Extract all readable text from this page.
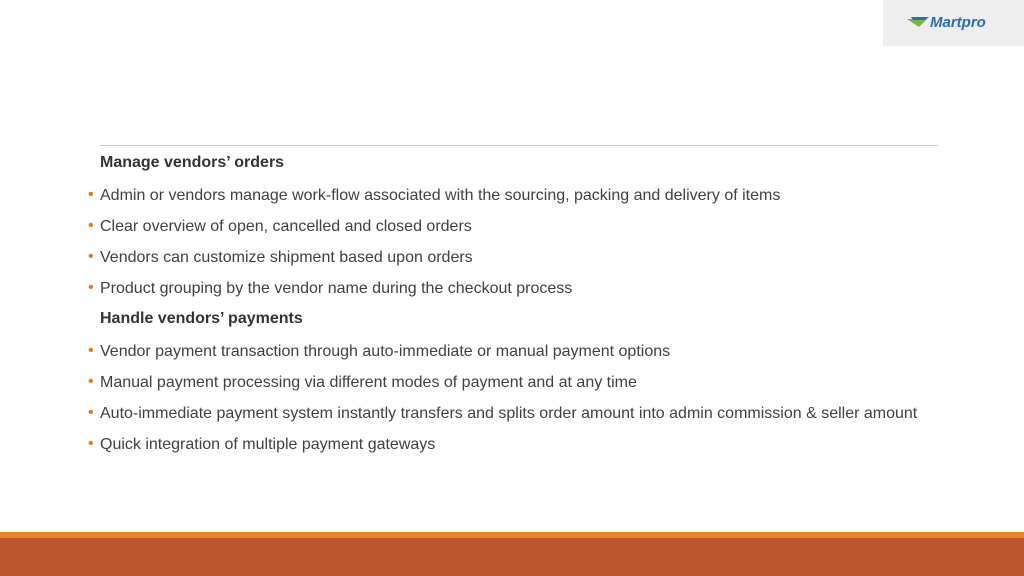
Martpro
Manage vendors’ orders
• Admin or vendors manage work-flow associated with the sourcing, packing and delivery of items
• Clear overview of open, cancelled and closed orders
• Vendors can customize shipment based upon orders
• Product grouping by the vendor name during the checkout process
Handle vendors’ payments
• Vendor payment transaction through auto-immediate or manual payment options
• Manual payment processing via different modes of payment and at any time
• Auto-immediate payment system instantly transfers and splits order amount into admin commission & seller amount
• Quick integration of multiple payment gateways
